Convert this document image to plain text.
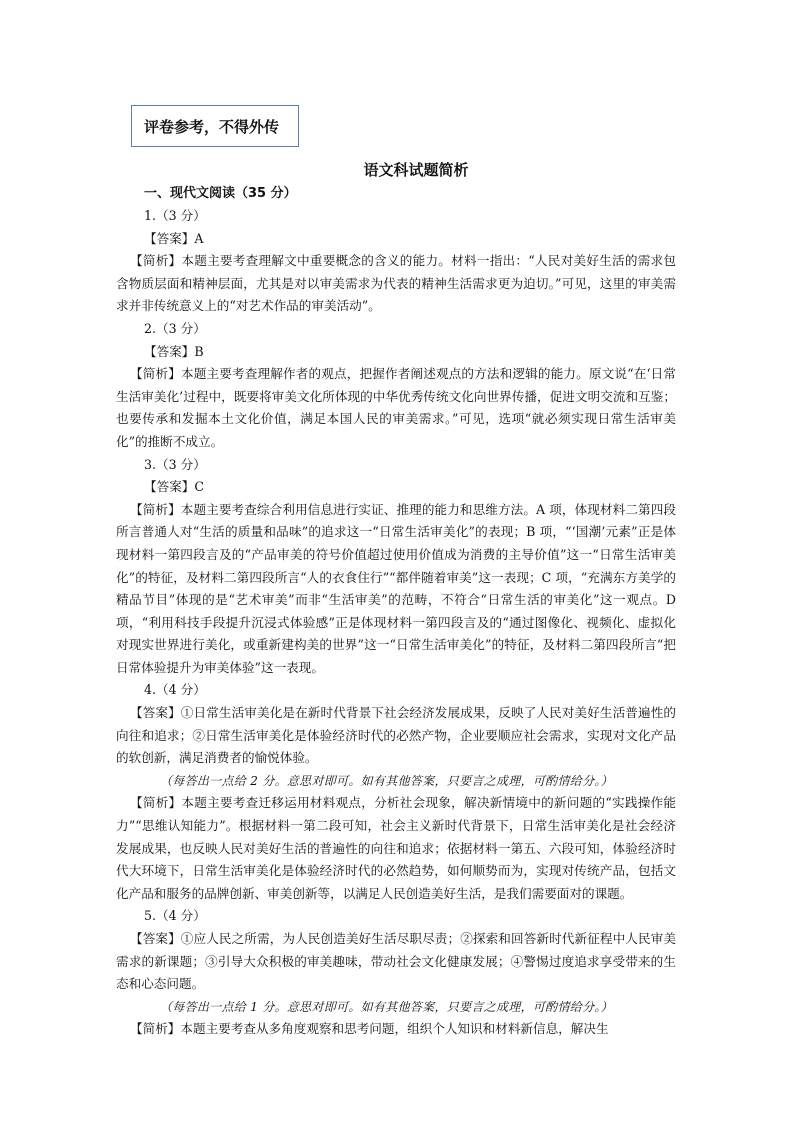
评卷参考，不得外传
语文科试题简析
一、现代文阅读（35 分）

1.（3 分）

【答案】A

【简析】本题主要考查理解文中重要概念的含义的能力。材料一指出：“人民对美好生活的需求包含物质层面和精神层面，尤其是对以审美需求为代表的精神生活需求更为迫切。”可见，这里的审美需求并非传统意义上的“对艺术作品的审美活动”。

2.（3 分）

【答案】B

【简析】本题主要考查理解作者的观点，把握作者阐述观点的方法和逻辑的能力。原文说“在‘日常生活审美化’过程中，既要将审美文化所体现的中华优秀传统文化向世界传播，促进文明交流和互鉴；也要传承和发掘本土文化价值，满足本国人民的审美需求。”可见，选项“就必须实现日常生活审美化”的推断不成立。

3.（3 分）

【答案】C

【简析】本题主要考查综合利用信息进行实证、推理的能力和思维方法。A 项，体现材料二第四段所言普通人对“生活的质量和品味”的追求这一“日常生活审美化”的表现；B 项，“‘国潮’元素”正是体现材料一第四段言及的“产品审美的符号价值超过使用价值成为消费的主导价值”这一“日常生活审美化”的特征，及材料二第四段所言“人的衣食住行”“都伴随着审美”这一表现；C 项，“充满东方美学的精品节目”体现的是“艺术审美”而非“生活审美”的范畴，不符合“日常生活的审美化”这一观点。D 项，“利用科技手段提升沉浸式体验感”正是体现材料一第四段言及的“通过图像化、视频化、虚拟化对现实世界进行美化，或重新建构美的世界”这一“日常生活审美化”的特征，及材料二第四段所言“把日常体验提升为审美体验”这一表现。

4.（4 分）

【答案】①日常生活审美化是在新时代背景下社会经济发展成果，反映了人民对美好生活普遍性的向往和追求；②日常生活审美化是体验经济时代的必然产物，企业要顺应社会需求，实现对文化产品的软创新，满足消费者的愉悦体验。

（每答出一点给 2 分。意思对即可。如有其他答案，只要言之成理，可酌情给分。）

【简析】本题主要考查迁移运用材料观点，分析社会现象，解决新情境中的新问题的“实践操作能力”“思维认知能力”。根据材料一第二段可知，社会主义新时代背景下，日常生活审美化是社会经济发展成果，也反映人民对美好生活的普遍性的向往和追求；依据材料一第五、六段可知，体验经济时代大环境下，日常生活审美化是体验经济时代的必然趋势，如何顺势而为，实现对传统产品，包括文化产品和服务的品牌创新、审美创新等，以满足人民创造美好生活，是我们需要面对的课题。

5.（4 分）

【答案】①应人民之所需，为人民创造美好生活尽职尽责；②探索和回答新时代新征程中人民审美需求的新课题；③引导大众积极的审美趣味，带动社会文化健康发展；④警惕过度追求享受带来的生态和心态问题。

（每答出一点给 1 分。意思对即可。如有其他答案，只要言之成理，可酌情给分。）

【简析】本题主要考查从多角度观察和思考问题，组织个人知识和材料新信息，解决生
